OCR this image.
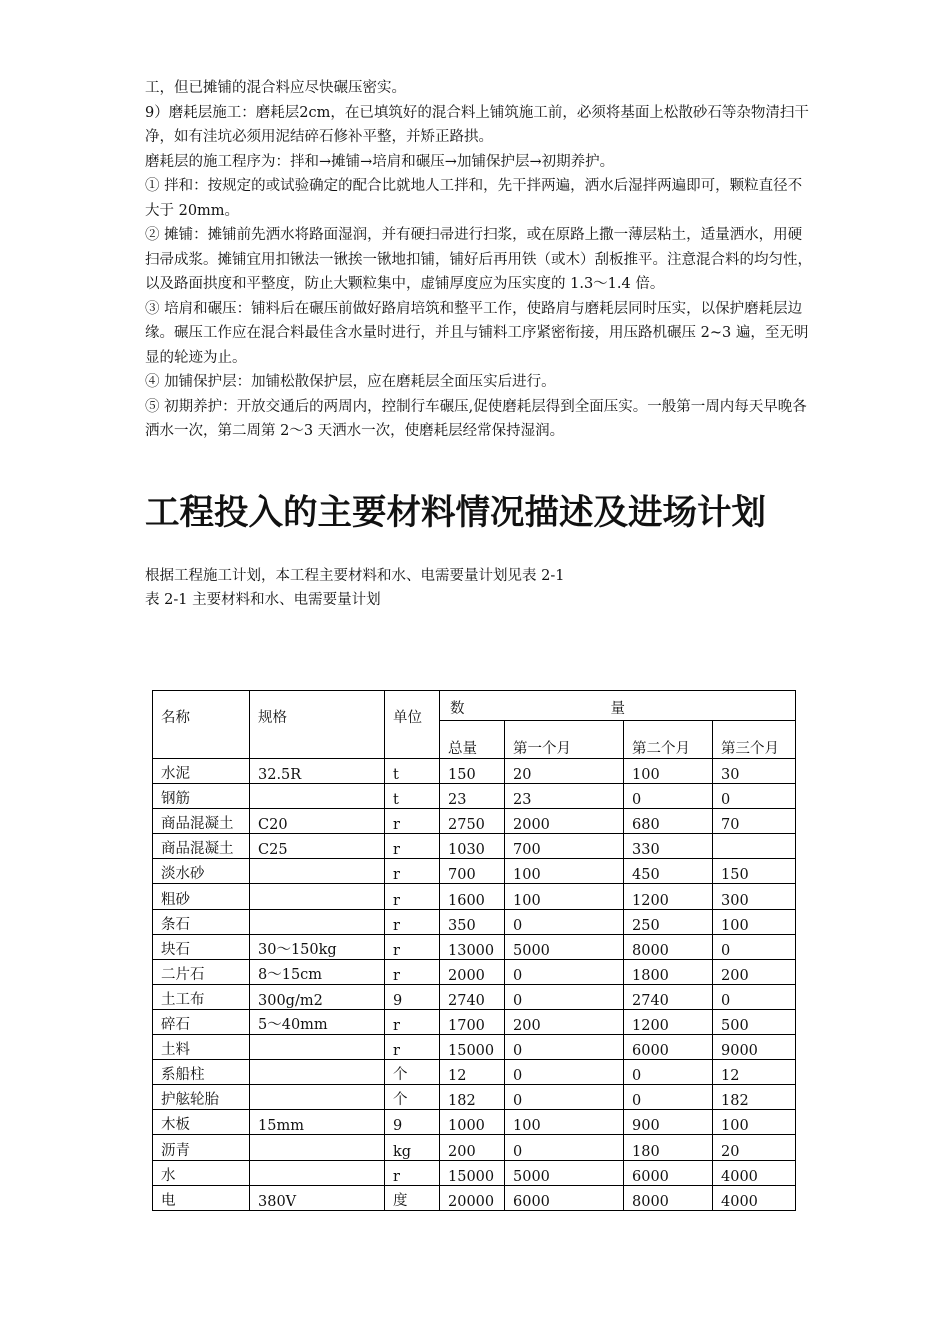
工，但已摊铺的混合料应尽快碾压密实。

9）磨耗层施工：磨耗层2cm，在已填筑好的混合料上铺筑施工前，必须将基面上松散砂石等杂物清扫干净，如有洼坑必须用泥结碎石修补平整，并矫正路拱。

磨耗层的施工程序为：拌和→摊铺→培肩和碾压→加铺保护层→初期养护。

① 拌和：按规定的或试验确定的配合比就地人工拌和，先干拌两遍，洒水后湿拌两遍即可，颗粒直径不大于 20mm。

② 摊铺：摊铺前先洒水将路面湿润，并有硬扫帚进行扫浆，或在原路上撒一薄层粘土，适量洒水，用硬扫帚成浆。摊铺宜用扣锹法一锹挨一锹地扣铺，铺好后再用铁（或木）刮板推平。注意混合料的均匀性，以及路面拱度和平整度，防止大颗粒集中，虚铺厚度应为压实度的 1.3～1.4 倍。

③ 培肩和碾压：铺料后在碾压前做好路肩培筑和整平工作，使路肩与磨耗层同时压实，以保护磨耗层边缘。碾压工作应在混合料最佳含水量时进行，并且与铺料工序紧密衔接，用压路机碾压 2~3 遍，至无明显的轮迹为止。

④ 加铺保护层：加铺松散保护层，应在磨耗层全面压实后进行。

⑤ 初期养护：开放交通后的两周内，控制行车碾压,促使磨耗层得到全面压实。一般第一周内每天早晚各洒水一次，第二周第 2～3 天洒水一次，使磨耗层经常保持湿润。

工程投入的主要材料情况描述及进场计划

根据工程施工计划，本工程主要材料和水、电需要量计划见表 2-1

表 2-1 主要材料和水、电需要量计划

名称	规格	单位	数 量			

			总量	第一个月	第二个月	第三个月
水泥	32.5R	t	150	20	100	30
钢筋		t	23	23	0	0
商品混凝土	C20	r	2750	2000	680	70
商品混凝土	C25	r	1030	700	330	
淡水砂		r	700	100	450	150
粗砂		r	1600	100	1200	300
条石		r	350	0	250	100
块石	30～150kg	r	13000	5000	8000	0
二片石	8～15cm	r	2000	0	1800	200
土工布	300g/m2	9	2740	0	2740	0
碎石	5～40mm	r	1700	200	1200	500
土料		r	15000	0	6000	9000
系船柱		个	12	0	0	12
护舷轮胎		个	182	0	0	182
木板	15mm	9	1000	100	900	100
沥青		kg	200	0	180	20
水		r	15000	5000	6000	4000
电	380V	度	20000	6000	8000	4000
